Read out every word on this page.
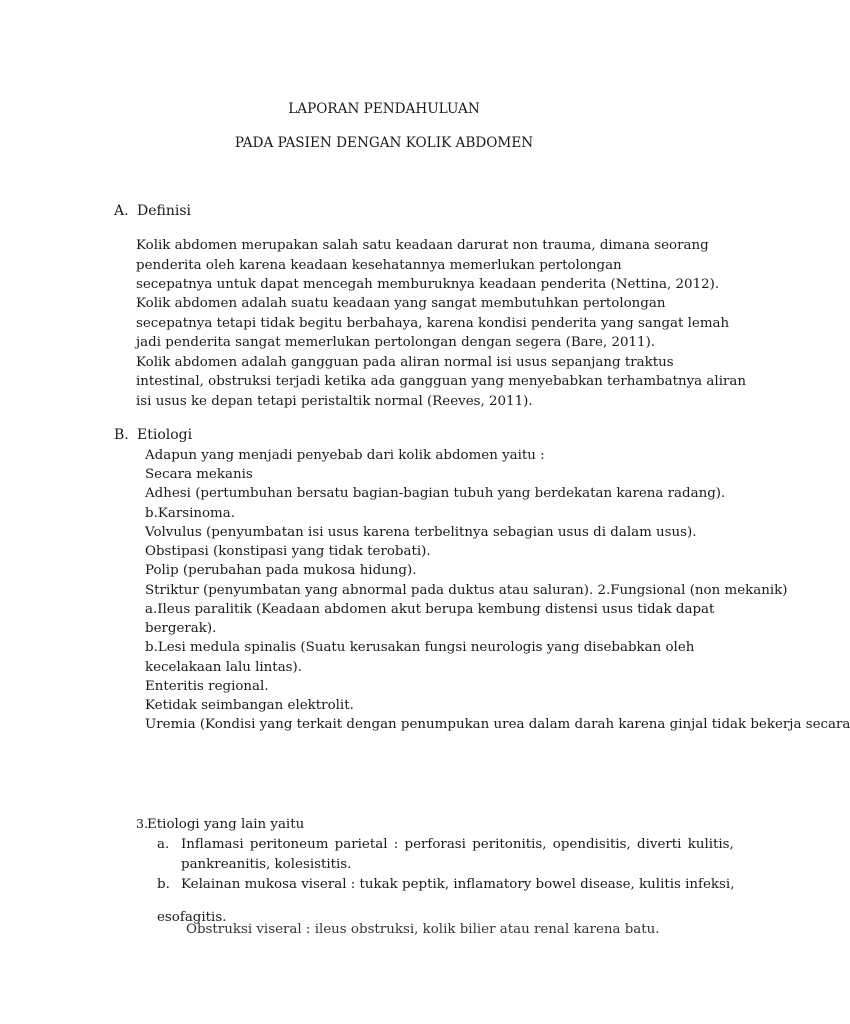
LAPORAN PENDAHULUAN

PADA PASIEN DENGAN KOLIK ABDOMEN

A. Definisi

Kolik abdomen merupakan salah satu keadaan darurat non trauma, dimana seorang

penderita oleh karena keadaan kesehatannya memerlukan pertolongan

secepatnya untuk dapat mencegah memburuknya keadaan penderita (Nettina, 2012).

Kolik abdomen adalah suatu keadaan yang sangat membutuhkan pertolongan

secepatnya tetapi tidak begitu berbahaya, karena kondisi penderita yang sangat lemah

jadi penderita sangat memerlukan pertolongan dengan segera (Bare, 2011).

Kolik abdomen adalah gangguan pada aliran normal isi usus sepanjang traktus

intestinal, obstruksi terjadi ketika ada gangguan yang menyebabkan terhambatnya aliran

isi usus ke depan tetapi peristaltik normal (Reeves, 2011).

B. Etiologi

Adapun yang menjadi penyebab dari kolik abdomen yaitu :

Secara mekanis

Adhesi (pertumbuhan bersatu bagian-bagian tubuh yang berdekatan karena radang).

b.Karsinoma.

Volvulus (penyumbatan isi usus karena terbelitnya sebagian usus di dalam usus).

Obstipasi (konstipasi yang tidak terobati).

Polip (perubahan pada mukosa hidung).

Striktur (penyumbatan yang abnormal pada duktus atau saluran). 2.Fungsional (non mekanik)

a.Ileus paralitik (Keadaan abdomen akut berupa kembung distensi usus tidak dapat

bergerak).

b.Lesi medula spinalis (Suatu kerusakan fungsi neurologis yang disebabkan oleh

kecelakaan lalu lintas).

Enteritis regional.

Ketidak seimbangan elektrolit.

Uremia (Kondisi yang terkait dengan penumpukan urea dalam darah karena ginjal tidak bekerja secara

3. Etiologi yang lain yaitu

a. Inflamasi peritoneum parietal : perforasi peritonitis, opendisitis, diverti kulitis,

pankreanitis, kolesistitis.

b. Kelainan mukosa viseral : tukak peptik, inflamatory bowel disease, kulitis infeksi,

esofagitis.

Obstruksi viseral : ileus obstruksi, kolik bilier atau renal karena batu.
